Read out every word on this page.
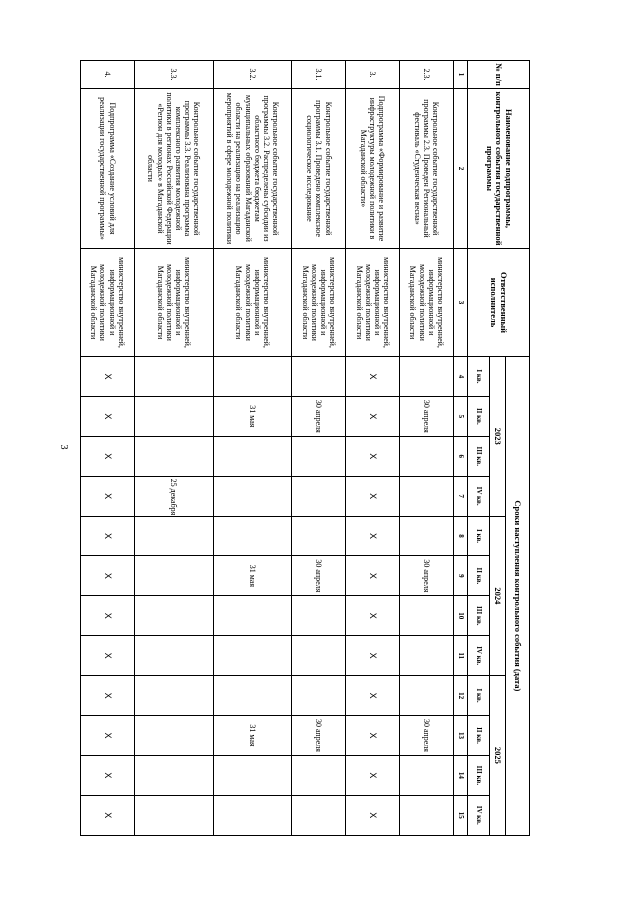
3
№ п/п	Наименование подпрограммы, контрольного события государственной программы	Ответственный исполнитель	Сроки наступления контрольного события (дата)											
			2023				2024				2025			
			I кв.	II кв.	III кв.	IV кв.	I кв.	II кв.	III кв.	IV кв.	I кв.	II кв.	III кв.	IV кв.
1	2	3	4	5	6	7	8	9	10	11	12	13	14	15
2.3.	Контрольное событие государственной программы 2.3. Проведен Региональный фестиваль «Студенческая весна»	министерство внутренней, информационной и молодежной политики Магаданской области		30 апреля				30 апреля				30 апреля		
3.	Подпрограмма «Формирование и развитие инфраструктуры молодежной политики в Магаданской области»	министерство внутренней, информационной и молодежной политики Магаданской области	X	X	X	X	X	X	X	X	X	X	X	X
3.1.	Контрольное событие государственной программы 3.1. Проведено комплексное социологическое исследование	министерство внутренней, информационной и молодежной политики Магаданской области		30 апреля				30 апреля				30 апреля		
3.2.	Контрольное событие государственной программы 3.2. Распределены субсидии из областного бюджета бюджетам муниципальных образований Магаданской области на реализацию на реализацию мероприятий в сфере молодежной политики	министерство внутренней, информационной и молодежной политики Магаданской области		31 мая				31 мая				31 мая		
3.3.	Контрольное событие государственной программы 3.3. Реализована программа комплексного развития молодежной политики в регионах Российской Федерации «Регион для молодых» в Магаданской области	министерство внутренней, информационной и молодежной политики Магаданской области				25 декабря								
4.	Подпрограмма «Создание условий для реализации государственной программы»	министерство внутренней, информационной и молодежной политики Магаданской области	X	X	X	X	X	X	X	X	X	X	X	X
